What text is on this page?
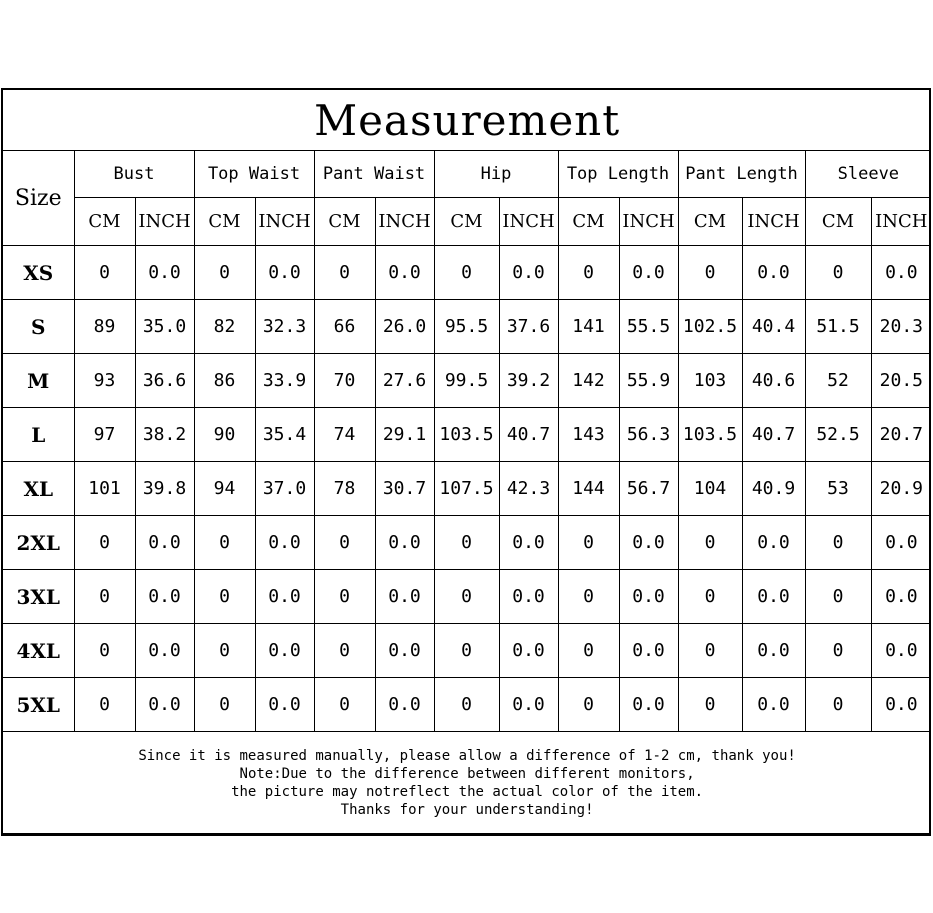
Measurement														
Size	Bust		Top Waist		Pant Waist		Hip		Top Length		Pant Length		Sleeve	
	CM	INCH	CM	INCH	CM	INCH	CM	INCH	CM	INCH	CM	INCH	CM	INCH
XS	0	0.0	0	0.0	0	0.0	0	0.0	0	0.0	0	0.0	0	0.0
S	89	35.0	82	32.3	66	26.0	95.5	37.6	141	55.5	102.5	40.4	51.5	20.3
M	93	36.6	86	33.9	70	27.6	99.5	39.2	142	55.9	103	40.6	52	20.5
L	97	38.2	90	35.4	74	29.1	103.5	40.7	143	56.3	103.5	40.7	52.5	20.7
XL	101	39.8	94	37.0	78	30.7	107.5	42.3	144	56.7	104	40.9	53	20.9
2XL	0	0.0	0	0.0	0	0.0	0	0.0	0	0.0	0	0.0	0	0.0
3XL	0	0.0	0	0.0	0	0.0	0	0.0	0	0.0	0	0.0	0	0.0
4XL	0	0.0	0	0.0	0	0.0	0	0.0	0	0.0	0	0.0	0	0.0
5XL	0	0.0	0	0.0	0	0.0	0	0.0	0	0.0	0	0.0	0	0.0

Since it is measured manually, please allow a difference of 1-2 cm, thank you!
Note:Due to the difference between different monitors,
the picture may notreflect the actual color of the item.
Thanks for your understanding!														
